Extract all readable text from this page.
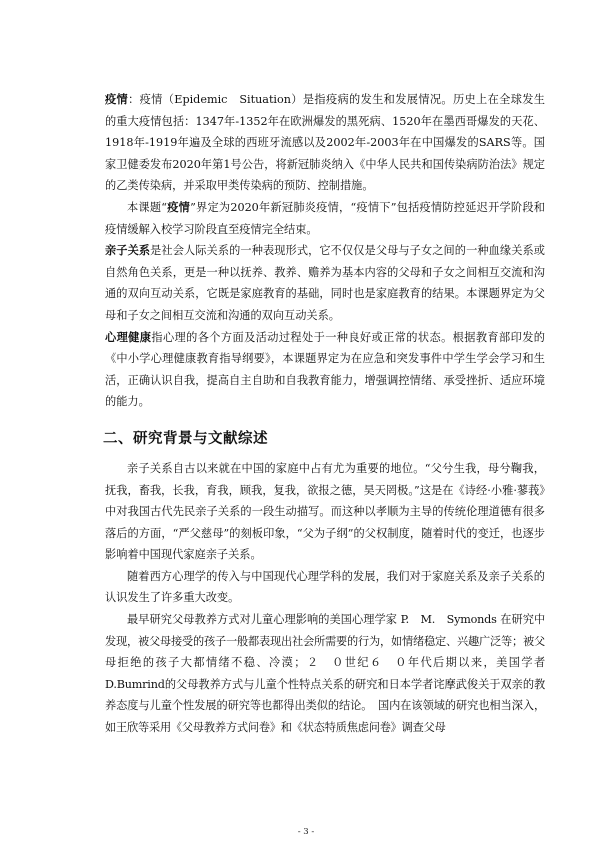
疫情：疫情（Epidemic　Situation）是指疫病的发生和发展情况。历史上在全球发生的重大疫情包括：1347年-1352年在欧洲爆发的黑死病、1520年在墨西哥爆发的天花、1918年-1919年遍及全球的西班牙流感以及2002年-2003年在中国爆发的SARS等。国家卫健委发布2020年第1号公告，将新冠肺炎纳入《中华人民共和国传染病防治法》规定的乙类传染病，并采取甲类传染病的预防、控制措施。

本课题“疫情”界定为2020年新冠肺炎疫情，“疫情下”包括疫情防控延迟开学阶段和疫情缓解入校学习阶段直至疫情完全结束。

亲子关系是社会人际关系的一种表现形式，它不仅仅是父母与子女之间的一种血缘关系或自然角色关系，更是一种以抚养、教养、赡养为基本内容的父母和子女之间相互交流和沟通的双向互动关系，它既是家庭教育的基础，同时也是家庭教育的结果。本课题界定为父母和子女之间相互交流和沟通的双向互动关系。

心理健康指心理的各个方面及活动过程处于一种良好或正常的状态。根据教育部印发的《中小学心理健康教育指导纲要》，本课题界定为在应急和突发事件中学生学会学习和生活，正确认识自我，提高自主自助和自我教育能力，增强调控情绪、承受挫折、适应环境的能力。

二、研究背景与文献综述

亲子关系自古以来就在中国的家庭中占有尤为重要的地位。“父兮生我，母兮鞠我，抚我，畜我，长我，育我，顾我，复我，欲报之德，昊天罔极。”这是在《诗经·小雅·蓼莪》中对我国古代先民亲子关系的一段生动描写。而这种以孝顺为主导的传统伦理道德有很多落后的方面，“严父慈母”的刻板印象，“父为子纲”的父权制度，随着时代的变迁，也逐步影响着中国现代家庭亲子关系。

随着西方心理学的传入与中国现代心理学科的发展，我们对于家庭关系及亲子关系的认识发生了许多重大改变。

最早研究父母教养方式对儿童心理影响的美国心理学家 P.　M.　Symonds 在研究中发现，被父母接受的孩子一般都表现出社会所需要的行为，如情绪稳定、兴趣广泛等；被父母拒绝的孩子大都情绪不稳、冷漠；２　０世纪６　０年代后期以来，美国学者D.Bumrind的父母教养方式与儿童个性特点关系的研究和日本学者诧摩武俊关于双亲的教养态度与儿童个性发展的研究等也都得出类似的结论。　国内在该领域的研究也相当深入，如王欣等采用《父母教养方式问卷》和《状态特质焦虑问卷》调查父母

- 3 -
